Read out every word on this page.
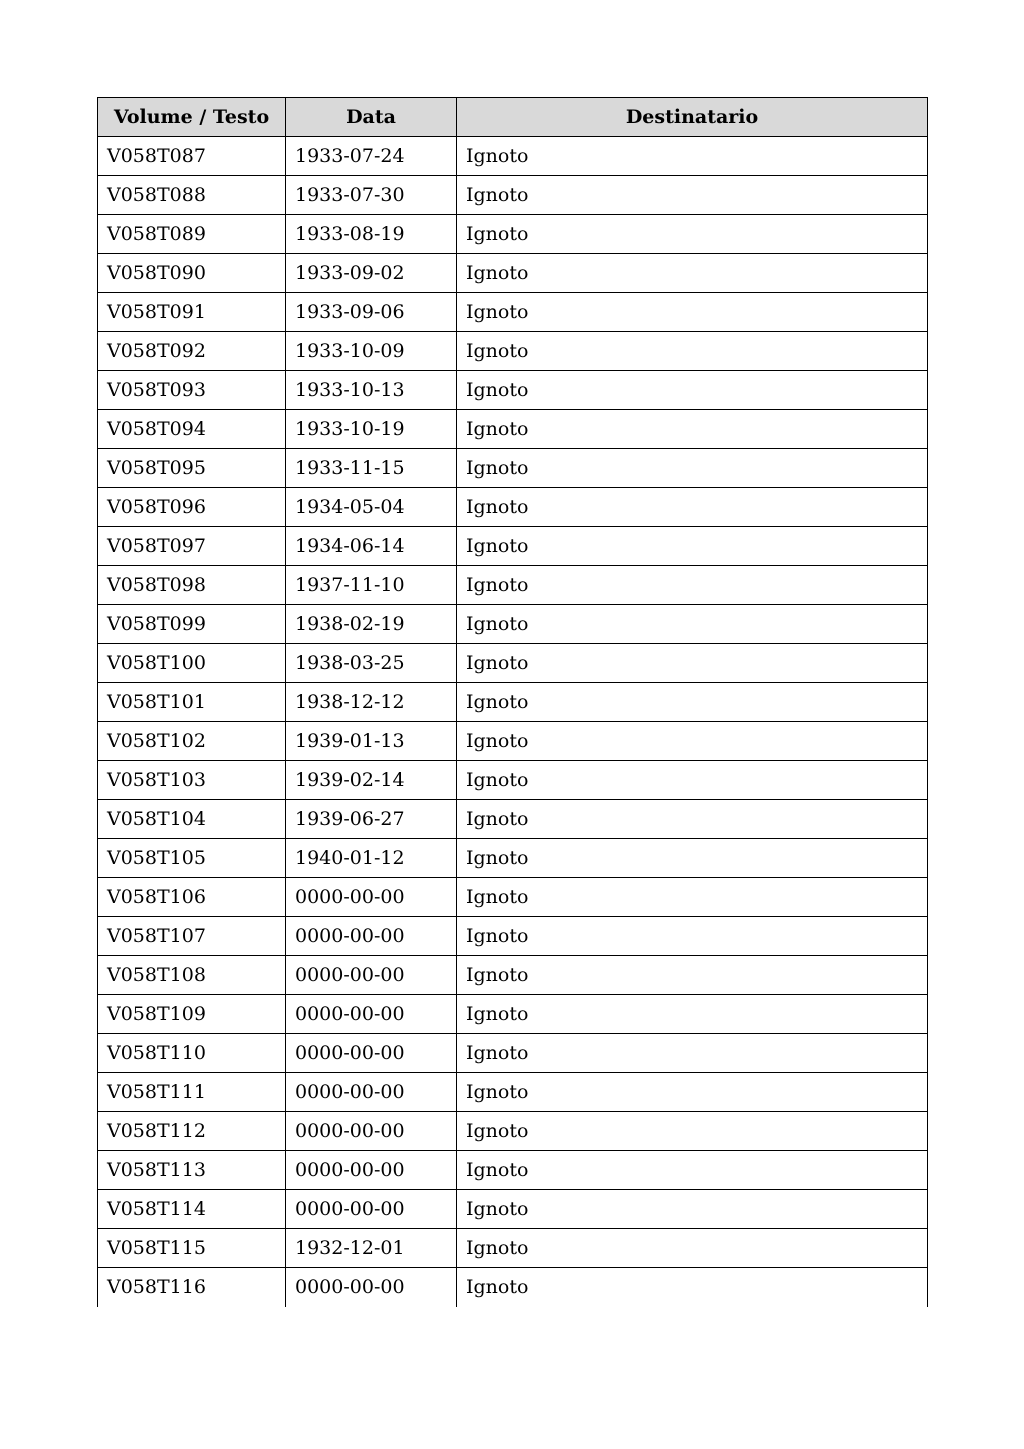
Volume / Testo	Data	Destinatario
V058T087	1933-07-24	Ignoto
V058T088	1933-07-30	Ignoto
V058T089	1933-08-19	Ignoto
V058T090	1933-09-02	Ignoto
V058T091	1933-09-06	Ignoto
V058T092	1933-10-09	Ignoto
V058T093	1933-10-13	Ignoto
V058T094	1933-10-19	Ignoto
V058T095	1933-11-15	Ignoto
V058T096	1934-05-04	Ignoto
V058T097	1934-06-14	Ignoto
V058T098	1937-11-10	Ignoto
V058T099	1938-02-19	Ignoto
V058T100	1938-03-25	Ignoto
V058T101	1938-12-12	Ignoto
V058T102	1939-01-13	Ignoto
V058T103	1939-02-14	Ignoto
V058T104	1939-06-27	Ignoto
V058T105	1940-01-12	Ignoto
V058T106	0000-00-00	Ignoto
V058T107	0000-00-00	Ignoto
V058T108	0000-00-00	Ignoto
V058T109	0000-00-00	Ignoto
V058T110	0000-00-00	Ignoto
V058T111	0000-00-00	Ignoto
V058T112	0000-00-00	Ignoto
V058T113	0000-00-00	Ignoto
V058T114	0000-00-00	Ignoto
V058T115	1932-12-01	Ignoto
V058T116	0000-00-00	Ignoto
